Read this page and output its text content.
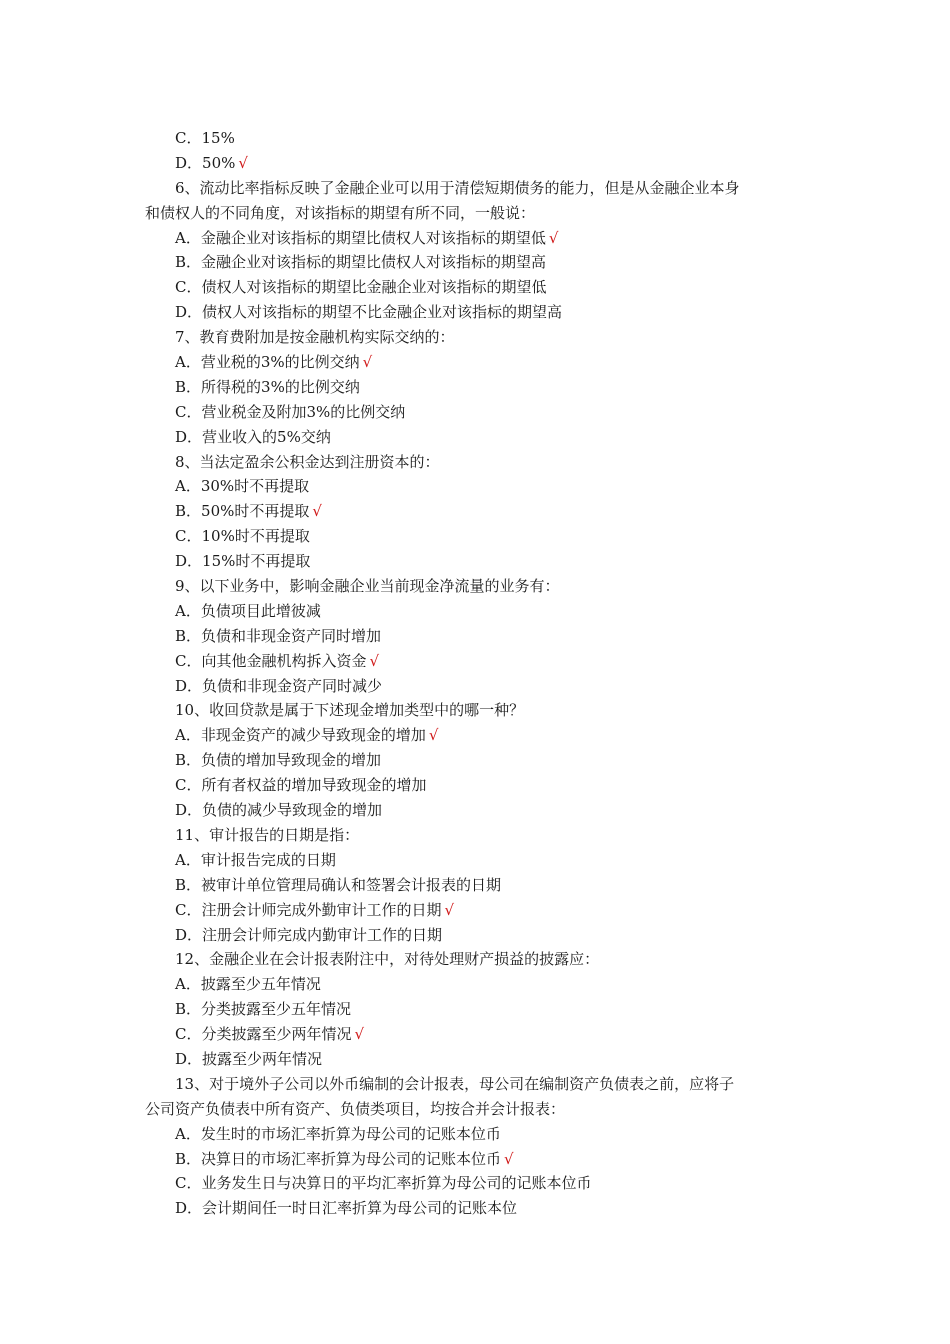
C．15%
D．50% √
6、流动比率指标反映了金融企业可以用于清偿短期债务的能力，但是从金融企业本身
和债权人的不同角度，对该指标的期望有所不同，一般说：
A．金融企业对该指标的期望比债权人对该指标的期望低 √
B．金融企业对该指标的期望比债权人对该指标的期望高
C．债权人对该指标的期望比金融企业对该指标的期望低
D．债权人对该指标的期望不比金融企业对该指标的期望高
7、教育费附加是按金融机构实际交纳的：
A．营业税的3%的比例交纳 √
B．所得税的3%的比例交纳
C．营业税金及附加3%的比例交纳
D．营业收入的5%交纳
8、当法定盈余公积金达到注册资本的：
A．30%时不再提取
B．50%时不再提取 √
C．10%时不再提取
D．15%时不再提取
9、以下业务中，影响金融企业当前现金净流量的业务有：
A．负债项目此增彼减
B．负债和非现金资产同时增加
C．向其他金融机构拆入资金 √
D．负债和非现金资产同时减少
10、收回贷款是属于下述现金增加类型中的哪一种？
A．非现金资产的减少导致现金的增加 √
B．负债的增加导致现金的增加
C．所有者权益的增加导致现金的增加
D．负债的减少导致现金的增加
11、审计报告的日期是指：
A．审计报告完成的日期
B．被审计单位管理局确认和签署会计报表的日期
C．注册会计师完成外勤审计工作的日期 √
D．注册会计师完成内勤审计工作的日期
12、金融企业在会计报表附注中，对待处理财产损益的披露应：
A．披露至少五年情况
B．分类披露至少五年情况
C．分类披露至少两年情况 √
D．披露至少两年情况
13、对于境外子公司以外币编制的会计报表，母公司在编制资产负债表之前，应将子
公司资产负债表中所有资产、负债类项目，均按合并会计报表：
A．发生时的市场汇率折算为母公司的记账本位币
B．决算日的市场汇率折算为母公司的记账本位币 √
C．业务发生日与决算日的平均汇率折算为母公司的记账本位币
D．会计期间任一时日汇率折算为母公司的记账本位
